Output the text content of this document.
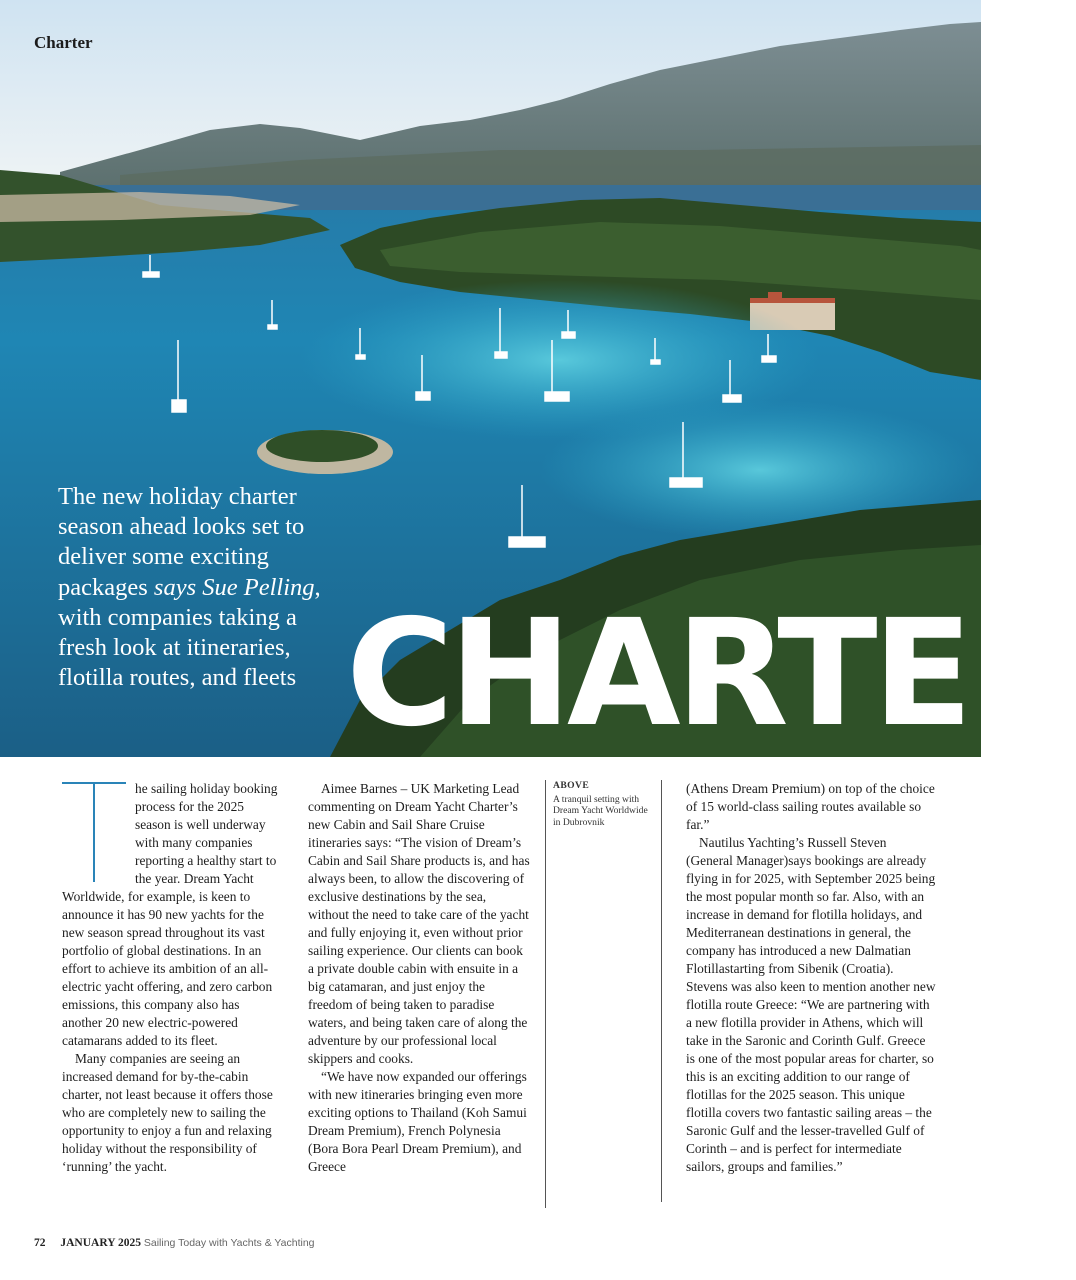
Charter
The new holiday charter season ahead looks set to deliver some exciting packages says Sue Pelling, with companies taking a fresh look at itineraries, flotilla routes, and fleets CHARTER

he sailing holiday booking process for the 2025 season is well underway with many companies reporting a healthy start to the year. Dream Yacht Worldwide, for example, is keen to announce it has 90 new yachts for the new season spread throughout its vast portfolio of global destinations. In an effort to achieve its ambition of an all-electric yacht offering, and zero carbon emissions, this company also has another 20 new electric-powered catamarans added to its fleet.

Many companies are seeing an increased demand for by-the-cabin charter, not least because it offers those who are completely new to sailing the opportunity to enjoy a fun and relaxing holiday without the responsibility of ‘running’ the yacht.

Aimee Barnes – UK Marketing Lead commenting on Dream Yacht Charter’s new Cabin and Sail Share Cruise itineraries says: “The vision of Dream’s Cabin and Sail Share products is, and has always been, to allow the discovering of exclusive destinations by the sea, without the need to take care of the yacht and fully enjoying it, even without prior sailing experience. Our clients can book a private double cabin with ensuite in a big catamaran, and just enjoy the freedom of being taken to paradise waters, and being taken care of along the adventure by our professional local skippers and cooks.

“We have now expanded our offerings with new itineraries bringing even more exciting options to Thailand (Koh Samui Dream Premium), French Polynesia (Bora Bora Pearl Dream Premium), and Greece

ABOVE
A tranquil setting with Dream Yacht Worldwide in Dubrovnik

(Athens Dream Premium) on top of the choice of 15 world-class sailing routes available so far.”

Nautilus Yachting’s Russell Steven (General Manager)says bookings are already flying in for 2025, with September 2025 being the most popular month so far. Also, with an increase in demand for flotilla holidays, and Mediterranean destinations in general, the company has introduced a new Dalmatian Flotillastarting from Sibenik (Croatia). Stevens was also keen to mention another new flotilla route Greece: “We are partnering with a new flotilla provider in Athens, which will take in the Saronic and Corinth Gulf. Greece is one of the most popular areas for charter, so this is an exciting addition to our range of flotillas for the 2025 season. This unique flotilla covers two fantastic sailing areas – the Saronic Gulf and the lesser-travelled Gulf of Corinth – and is perfect for intermediate sailors, groups and families.”

72 JANUARY 2025 Sailing Today with Yachts & Yachting
